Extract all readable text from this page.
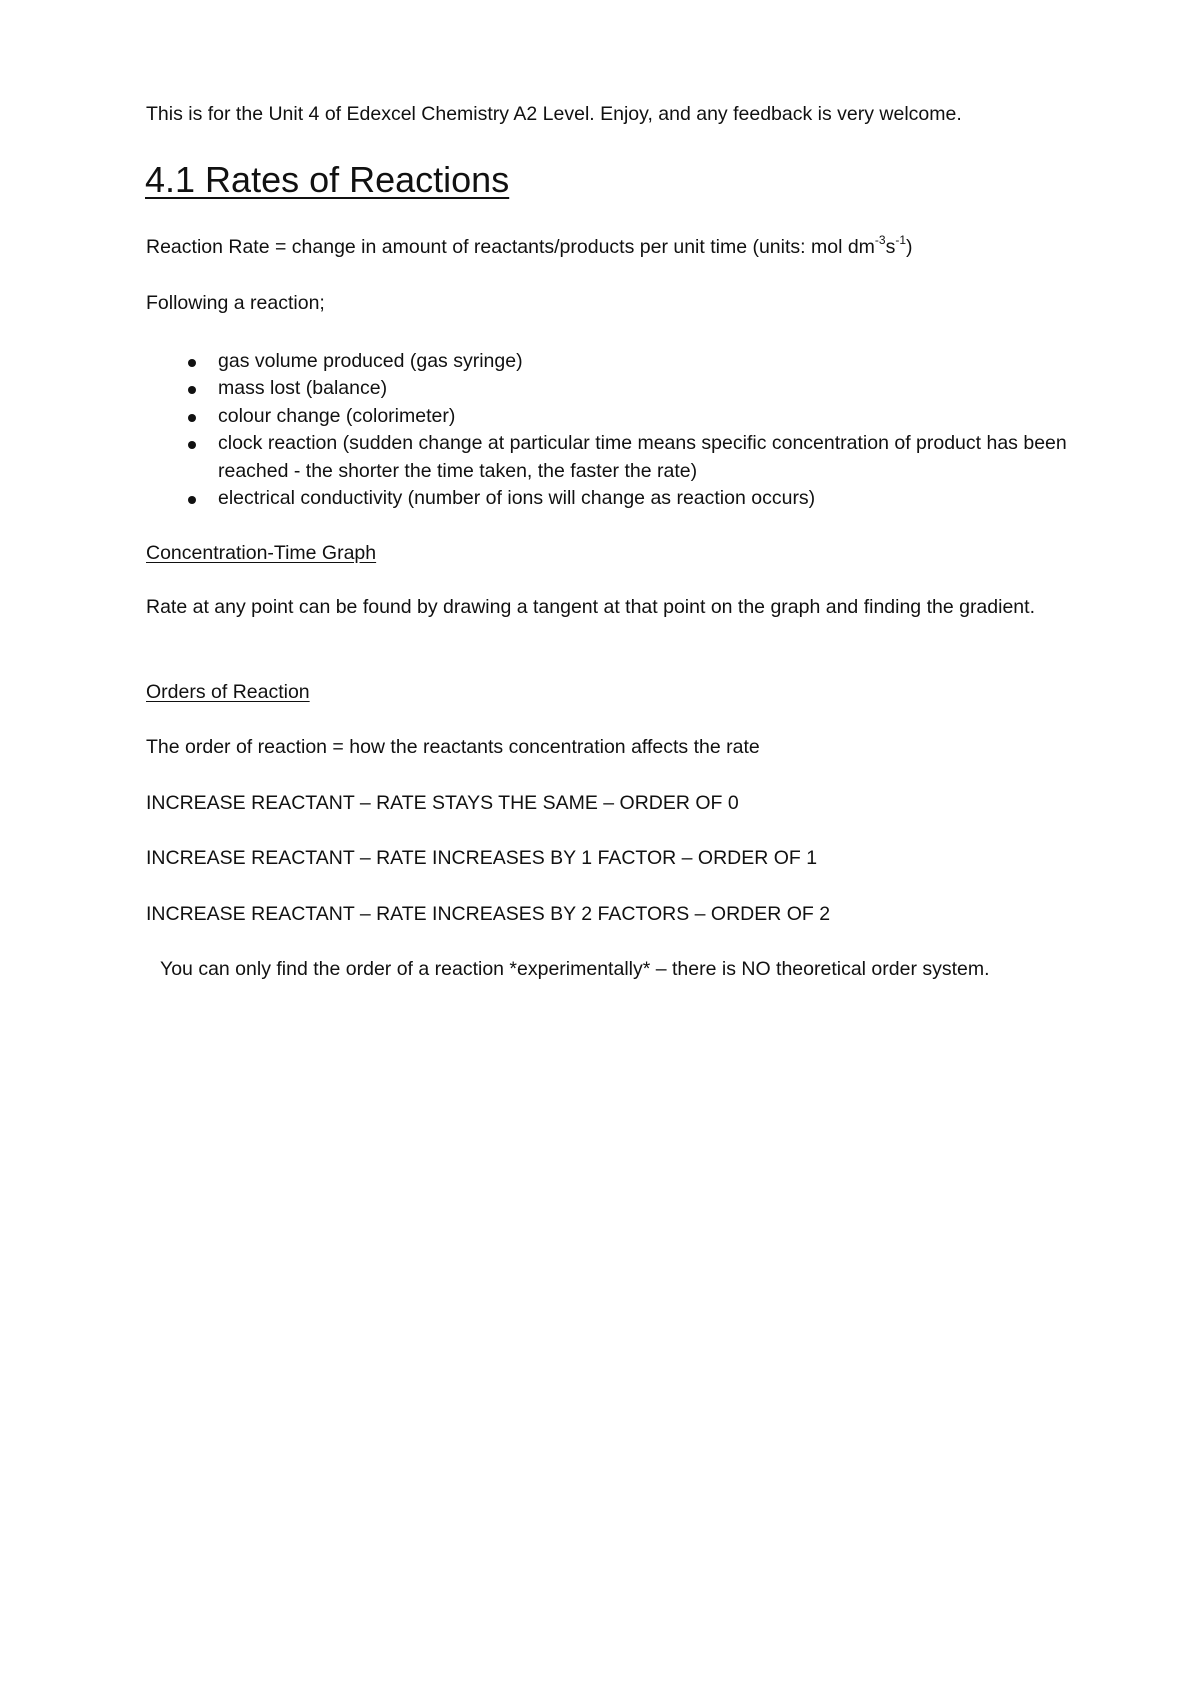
This is for the Unit 4 of Edexcel Chemistry A2 Level. Enjoy, and any feedback is very welcome.
4.1 Rates of Reactions
Reaction Rate = change in amount of reactants/products per unit time (units: mol $dm^{-3}s^{-1}$)
Following a reaction;
gas volume produced (gas syringe)
mass lost (balance)
colour change (colorimeter)
clock reaction (sudden change at particular time means specific concentration of product has been reached - the shorter the time taken, the faster the rate)
electrical conductivity (number of ions will change as reaction occurs)
Concentration-Time Graph
Rate at any point can be found by drawing a tangent at that point on the graph and finding the gradient.
Orders of Reaction
The order of reaction = how the reactants concentration affects the rate
INCREASE REACTANT – RATE STAYS THE SAME – ORDER OF 0
INCREASE REACTANT – RATE INCREASES BY 1 FACTOR – ORDER OF 1
INCREASE REACTANT – RATE INCREASES BY 2 FACTORS – ORDER OF 2
You can only find the order of a reaction *experimentally* – there is NO theoretical order system.
